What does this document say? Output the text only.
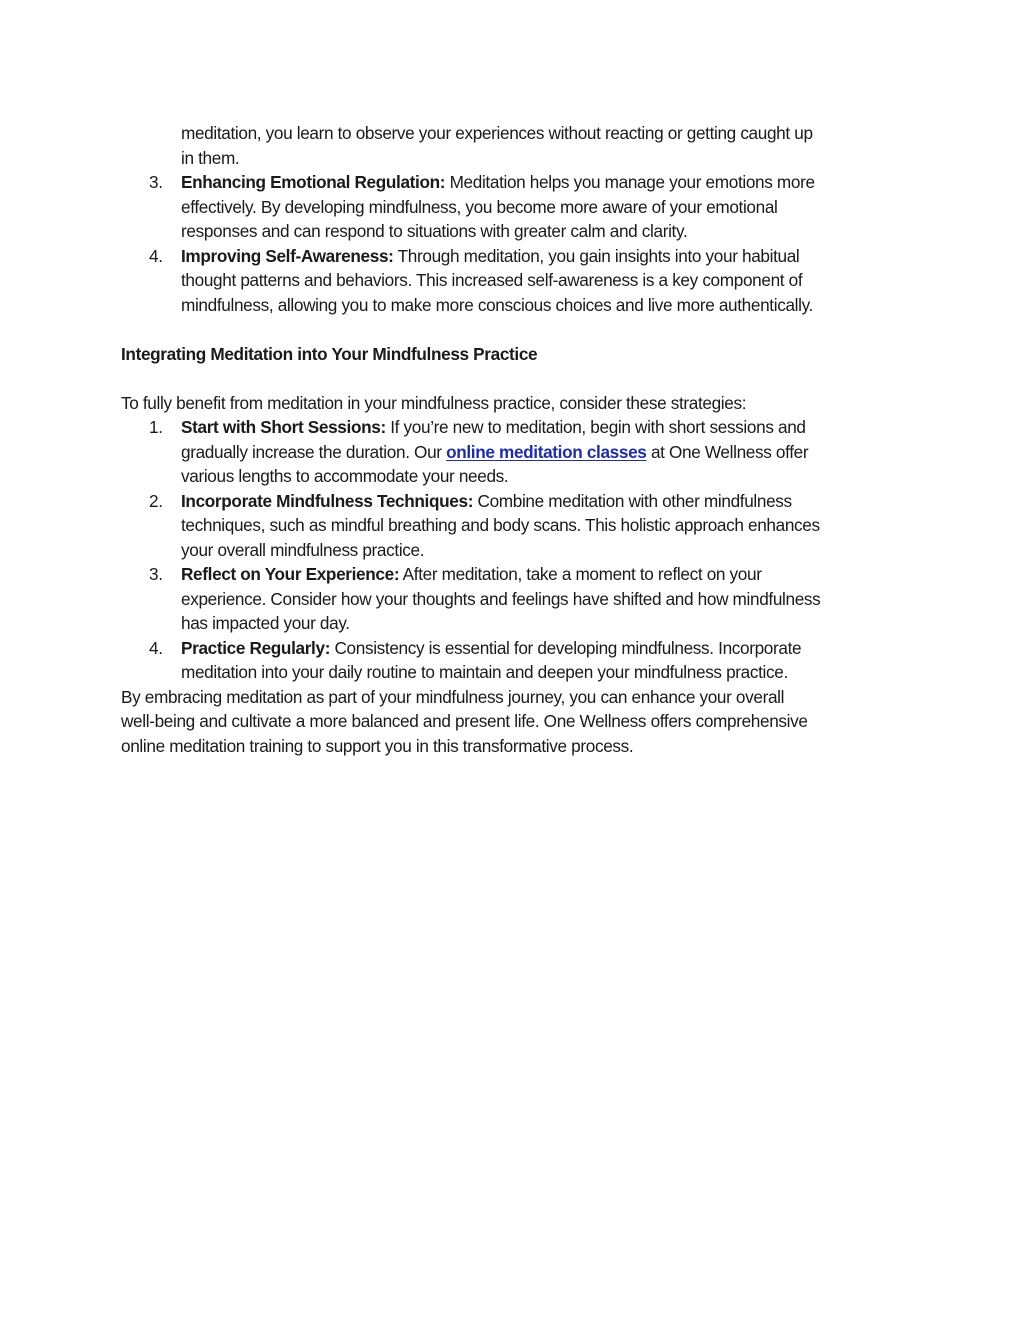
meditation, you learn to observe your experiences without reacting or getting caught up
in them.
3. Enhancing Emotional Regulation: Meditation helps you manage your emotions more
effectively. By developing mindfulness, you become more aware of your emotional
responses and can respond to situations with greater calm and clarity.
4. Improving Self-Awareness: Through meditation, you gain insights into your habitual
thought patterns and behaviors. This increased self-awareness is a key component of
mindfulness, allowing you to make more conscious choices and live more authentically.
Integrating Meditation into Your Mindfulness Practice
To fully benefit from meditation in your mindfulness practice, consider these strategies:
1. Start with Short Sessions: If you’re new to meditation, begin with short sessions and
gradually increase the duration. Our online meditation classes at One Wellness offer
various lengths to accommodate your needs.
2. Incorporate Mindfulness Techniques: Combine meditation with other mindfulness
techniques, such as mindful breathing and body scans. This holistic approach enhances
your overall mindfulness practice.
3. Reflect on Your Experience: After meditation, take a moment to reflect on your
experience. Consider how your thoughts and feelings have shifted and how mindfulness
has impacted your day.
4. Practice Regularly: Consistency is essential for developing mindfulness. Incorporate
meditation into your daily routine to maintain and deepen your mindfulness practice.
By embracing meditation as part of your mindfulness journey, you can enhance your overall
well-being and cultivate a more balanced and present life. One Wellness offers comprehensive
online meditation training to support you in this transformative process.
